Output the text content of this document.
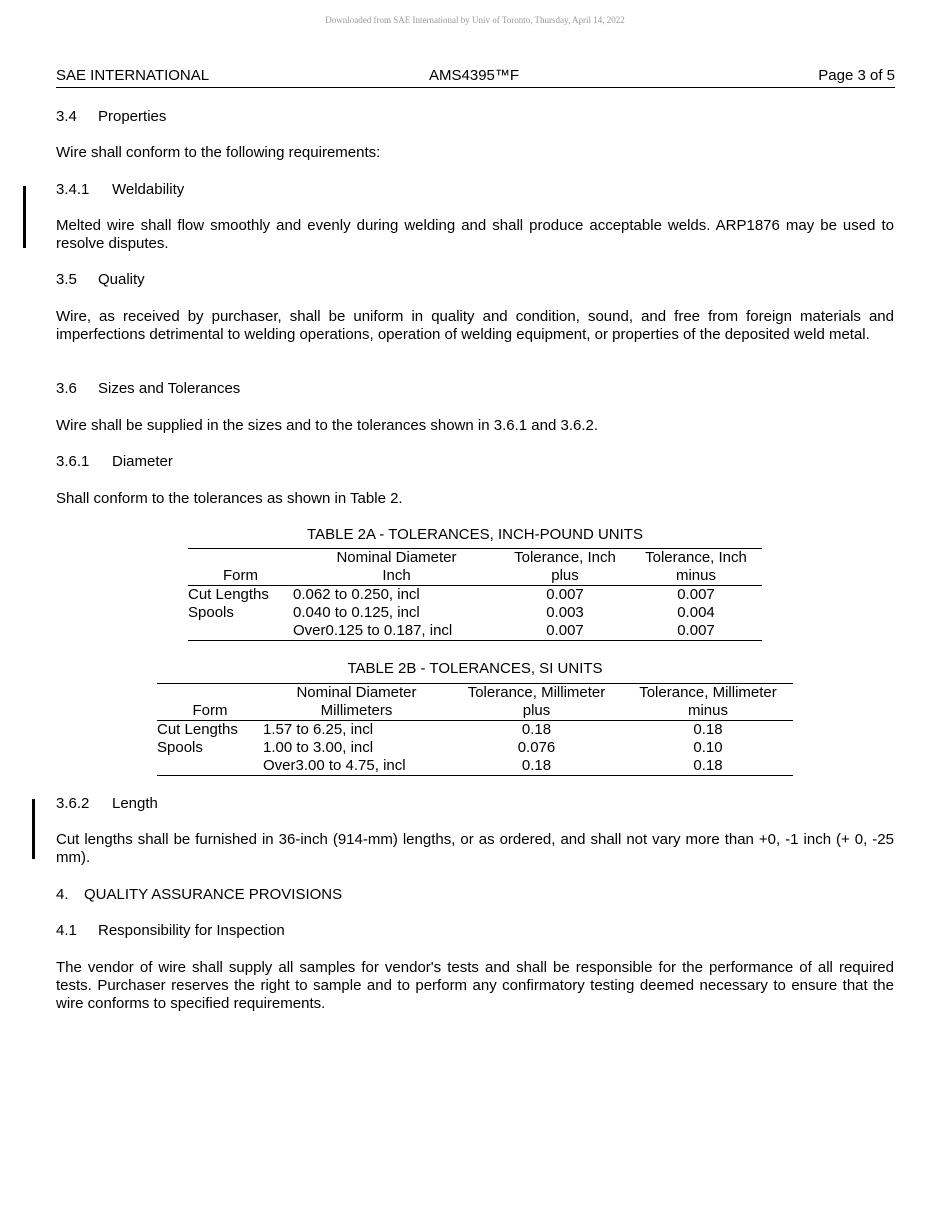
Downloaded from SAE International by Univ of Toronto, Thursday, April 14, 2022
SAE INTERNATIONAL	AMS4395™F	Page 3 of 5
3.4 Properties
Wire shall conform to the following requirements:
3.4.1 Weldability
Melted wire shall flow smoothly and evenly during welding and shall produce acceptable welds. ARP1876 may be used to resolve disputes.
3.5 Quality
Wire, as received by purchaser, shall be uniform in quality and condition, sound, and free from foreign materials and imperfections detrimental to welding operations, operation of welding equipment, or properties of the deposited weld metal.
3.6 Sizes and Tolerances
Wire shall be supplied in the sizes and to the tolerances shown in 3.6.1 and 3.6.2.
3.6.1 Diameter
Shall conform to the tolerances as shown in Table 2.
TABLE 2A - TOLERANCES, INCH-POUND UNITS
	Nominal Diameter	Tolerance, Inch	Tolerance, Inch
Form	Inch	plus	minus
Cut Lengths	0.062 to 0.250, incl	0.007	0.007
Spools	0.040 to 0.125, incl	0.003	0.004
	Over0.125 to 0.187, incl	0.007	0.007
TABLE 2B - TOLERANCES, SI UNITS
	Nominal Diameter	Tolerance, Millimeter	Tolerance, Millimeter
Form	Millimeters	plus	minus
Cut Lengths	1.57 to 6.25, incl	0.18	0.18
Spools	1.00 to 3.00, incl	0.076	0.10
	Over3.00 to 4.75, incl	0.18	0.18
3.6.2 Length
Cut lengths shall be furnished in 36-inch (914-mm) lengths, or as ordered, and shall not vary more than +0, -1 inch (+ 0, -25 mm).
4. QUALITY ASSURANCE PROVISIONS
4.1 Responsibility for Inspection
The vendor of wire shall supply all samples for vendor's tests and shall be responsible for the performance of all required tests. Purchaser reserves the right to sample and to perform any confirmatory testing deemed necessary to ensure that the wire conforms to specified requirements.
